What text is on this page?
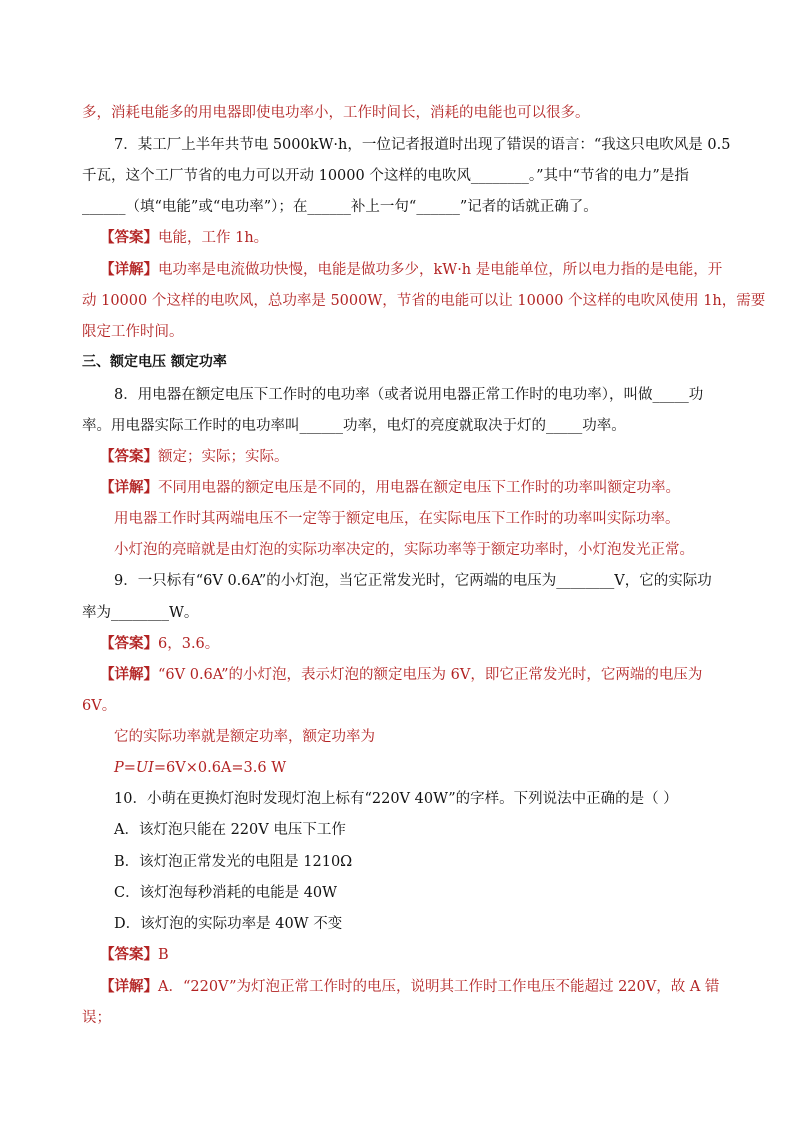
多，消耗电能多的用电器即使电功率小，工作时间长，消耗的电能也可以很多。
7．某工厂上半年共节电 5000kW·h，一位记者报道时出现了错误的语言：“我这只电吹风是 0.5
千瓦，这个工厂节省的电力可以开动 10000 个这样的电吹风________。”其中“节省的电力”是指
______（填“电能”或“电功率”）；在______补上一句“______”记者的话就正确了。
【答案】电能，工作 1h。
【详解】电功率是电流做功快慢，电能是做功多少，kW·h 是电能单位，所以电力指的是电能，开
动 10000 个这样的电吹风，总功率是 5000W，节省的电能可以让 10000 个这样的电吹风使用 1h，需要
限定工作时间。
三、额定电压 额定功率
8．用电器在额定电压下工作时的电功率（或者说用电器正常工作时的电功率），叫做_____功
率。用电器实际工作时的电功率叫______功率，电灯的亮度就取决于灯的_____功率。
【答案】额定；实际；实际。
【详解】不同用电器的额定电压是不同的，用电器在额定电压下工作时的功率叫额定功率。
用电器工作时其两端电压不一定等于额定电压，在实际电压下工作时的功率叫实际功率。
小灯泡的亮暗就是由灯泡的实际功率决定的，实际功率等于额定功率时，小灯泡发光正常。
9．一只标有“6V 0.6A”的小灯泡，当它正常发光时，它两端的电压为________V，它的实际功
率为________W。
【答案】6，3.6。
【详解】“6V 0.6A”的小灯泡，表示灯泡的额定电压为 6V，即它正常发光时，它两端的电压为
6V。
它的实际功率就是额定功率，额定功率为
P=UI=6V×0.6A=3.6 W
10．小萌在更换灯泡时发现灯泡上标有“220V 40W”的字样。下列说法中正确的是（ ）
A．该灯泡只能在 220V 电压下工作
B．该灯泡正常发光的电阻是 1210Ω
C．该灯泡每秒消耗的电能是 40W
D．该灯泡的实际功率是 40W 不变
【答案】B
【详解】A．“220V”为灯泡正常工作时的电压，说明其工作时工作电压不能超过 220V，故 A 错
误；
